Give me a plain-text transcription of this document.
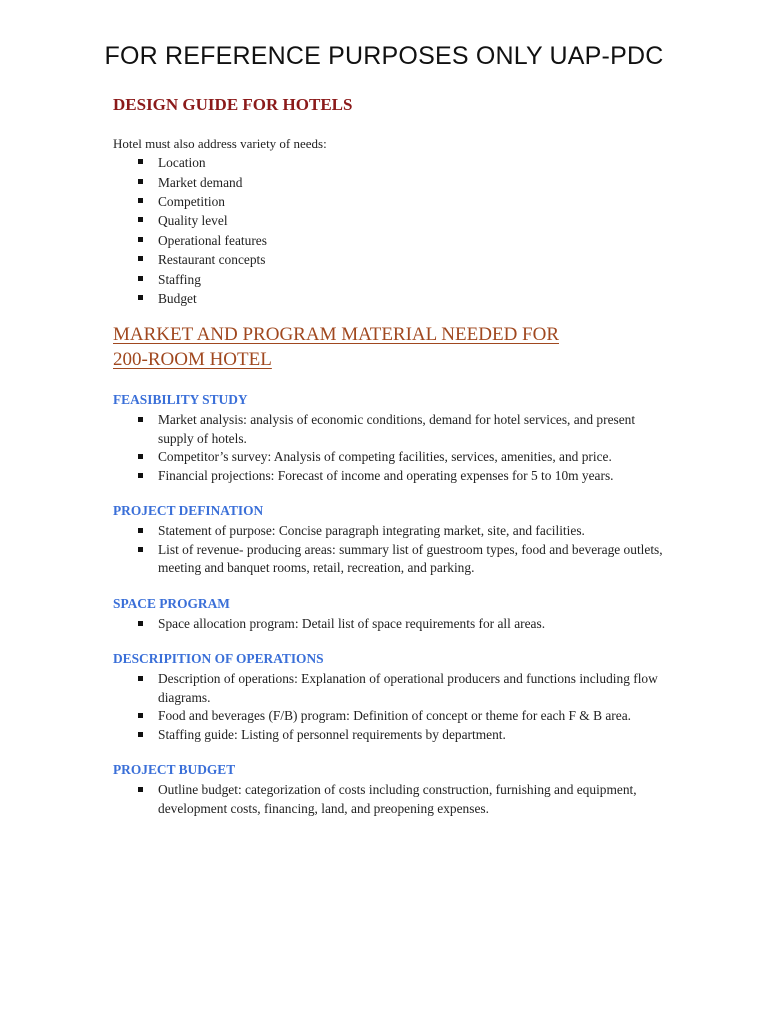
FOR REFERENCE PURPOSES ONLY UAP-PDC
DESIGN GUIDE FOR HOTELS
Hotel must also address variety of needs:
Location
Market demand
Competition
Quality level
Operational features
Restaurant concepts
Staffing
Budget
MARKET AND PROGRAM MATERIAL NEEDED FOR
200-ROOM HOTEL
FEASIBILITY STUDY
Market analysis: analysis of economic conditions, demand for hotel services, and present supply of hotels.
Competitor’s survey: Analysis of competing facilities, services, amenities, and price.
Financial projections: Forecast of income and operating expenses for 5 to 10m years.
PROJECT DEFINATION
Statement of purpose: Concise paragraph integrating market, site, and facilities.
List of revenue- producing areas: summary list of guestroom types, food and beverage outlets, meeting and banquet rooms, retail, recreation, and parking.
SPACE PROGRAM
Space allocation program: Detail list of space requirements for all areas.
DESCRIPITION OF OPERATIONS
Description of operations: Explanation of operational producers and functions including flow diagrams.
Food and beverages (F/B) program: Definition of concept or theme for each F & B area.
Staffing guide: Listing of personnel requirements by department.
PROJECT BUDGET
Outline budget: categorization of costs including construction, furnishing and equipment, development costs, financing, land, and preopening expenses.
